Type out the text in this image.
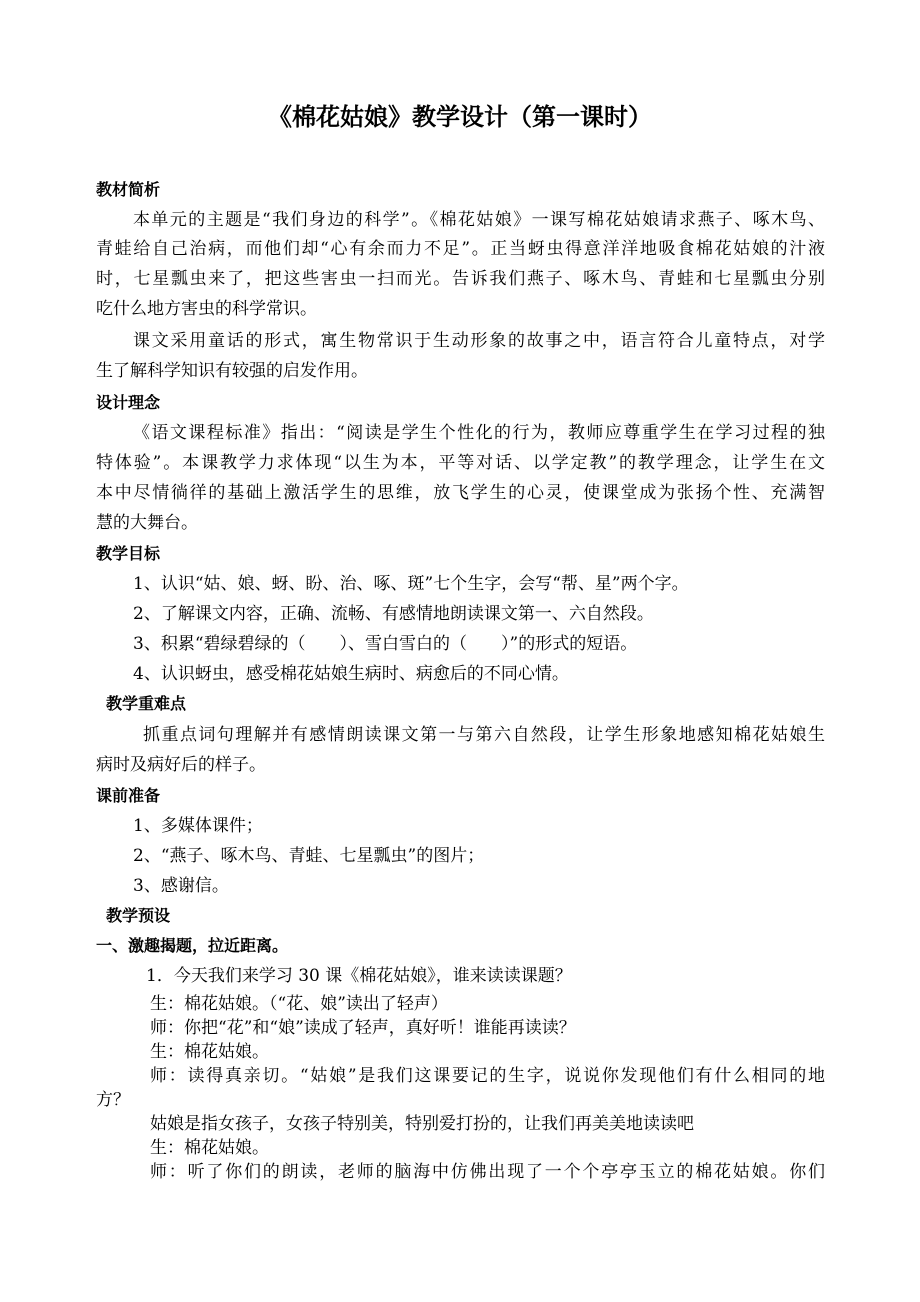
《棉花姑娘》教学设计（第一课时）
教材简析
本单元的主题是“我们身边的科学”。《棉花姑娘》一课写棉花姑娘请求燕子、啄木鸟、
青蛙给自己治病，而他们却“心有余而力不足”。正当蚜虫得意洋洋地吸食棉花姑娘的汁液
时，七星瓢虫来了，把这些害虫一扫而光。告诉我们燕子、啄木鸟、青蛙和七星瓢虫分别
吃什么地方害虫的科学常识。
课文采用童话的形式，寓生物常识于生动形象的故事之中，语言符合儿童特点，对学
生了解科学知识有较强的启发作用。
设计理念
《语文课程标准》指出：“阅读是学生个性化的行为，教师应尊重学生在学习过程的独
特体验”。本课教学力求体现“以生为本，平等对话、以学定教”的教学理念，让学生在文
本中尽情徜徉的基础上激活学生的思维，放飞学生的心灵，使课堂成为张扬个性、充满智
慧的大舞台。
教学目标
1、认识“姑、娘、蚜、盼、治、啄、斑”七个生字，会写“帮、星”两个字。
2、了解课文内容，正确、流畅、有感情地朗读课文第一、六自然段。
3、积累“碧绿碧绿的（　　）、雪白雪白的（　　）”的形式的短语。
4、认识蚜虫，感受棉花姑娘生病时、病愈后的不同心情。
教学重难点
抓重点词句理解并有感情朗读课文第一与第六自然段，让学生形象地感知棉花姑娘生
病时及病好后的样子。
课前准备
1、多媒体课件；
2、“燕子、啄木鸟、青蛙、七星瓢虫”的图片；
3、感谢信。
教学预设
一、激趣揭题，拉近距离。
1．今天我们来学习 30 课《棉花姑娘》，谁来读读课题？
生：棉花姑娘。（“花、娘”读出了轻声）
师：你把“花”和“娘”读成了轻声，真好听！谁能再读读？
生：棉花姑娘。
师：读得真亲切。“姑娘”是我们这课要记的生字，说说你发现他们有什么相同的地
方？
姑娘是指女孩子，女孩子特别美，特别爱打扮的，让我们再美美地读读吧
生：棉花姑娘。
师：听了你们的朗读，老师的脑海中仿佛出现了一个个亭亭玉立的棉花姑娘。你们
